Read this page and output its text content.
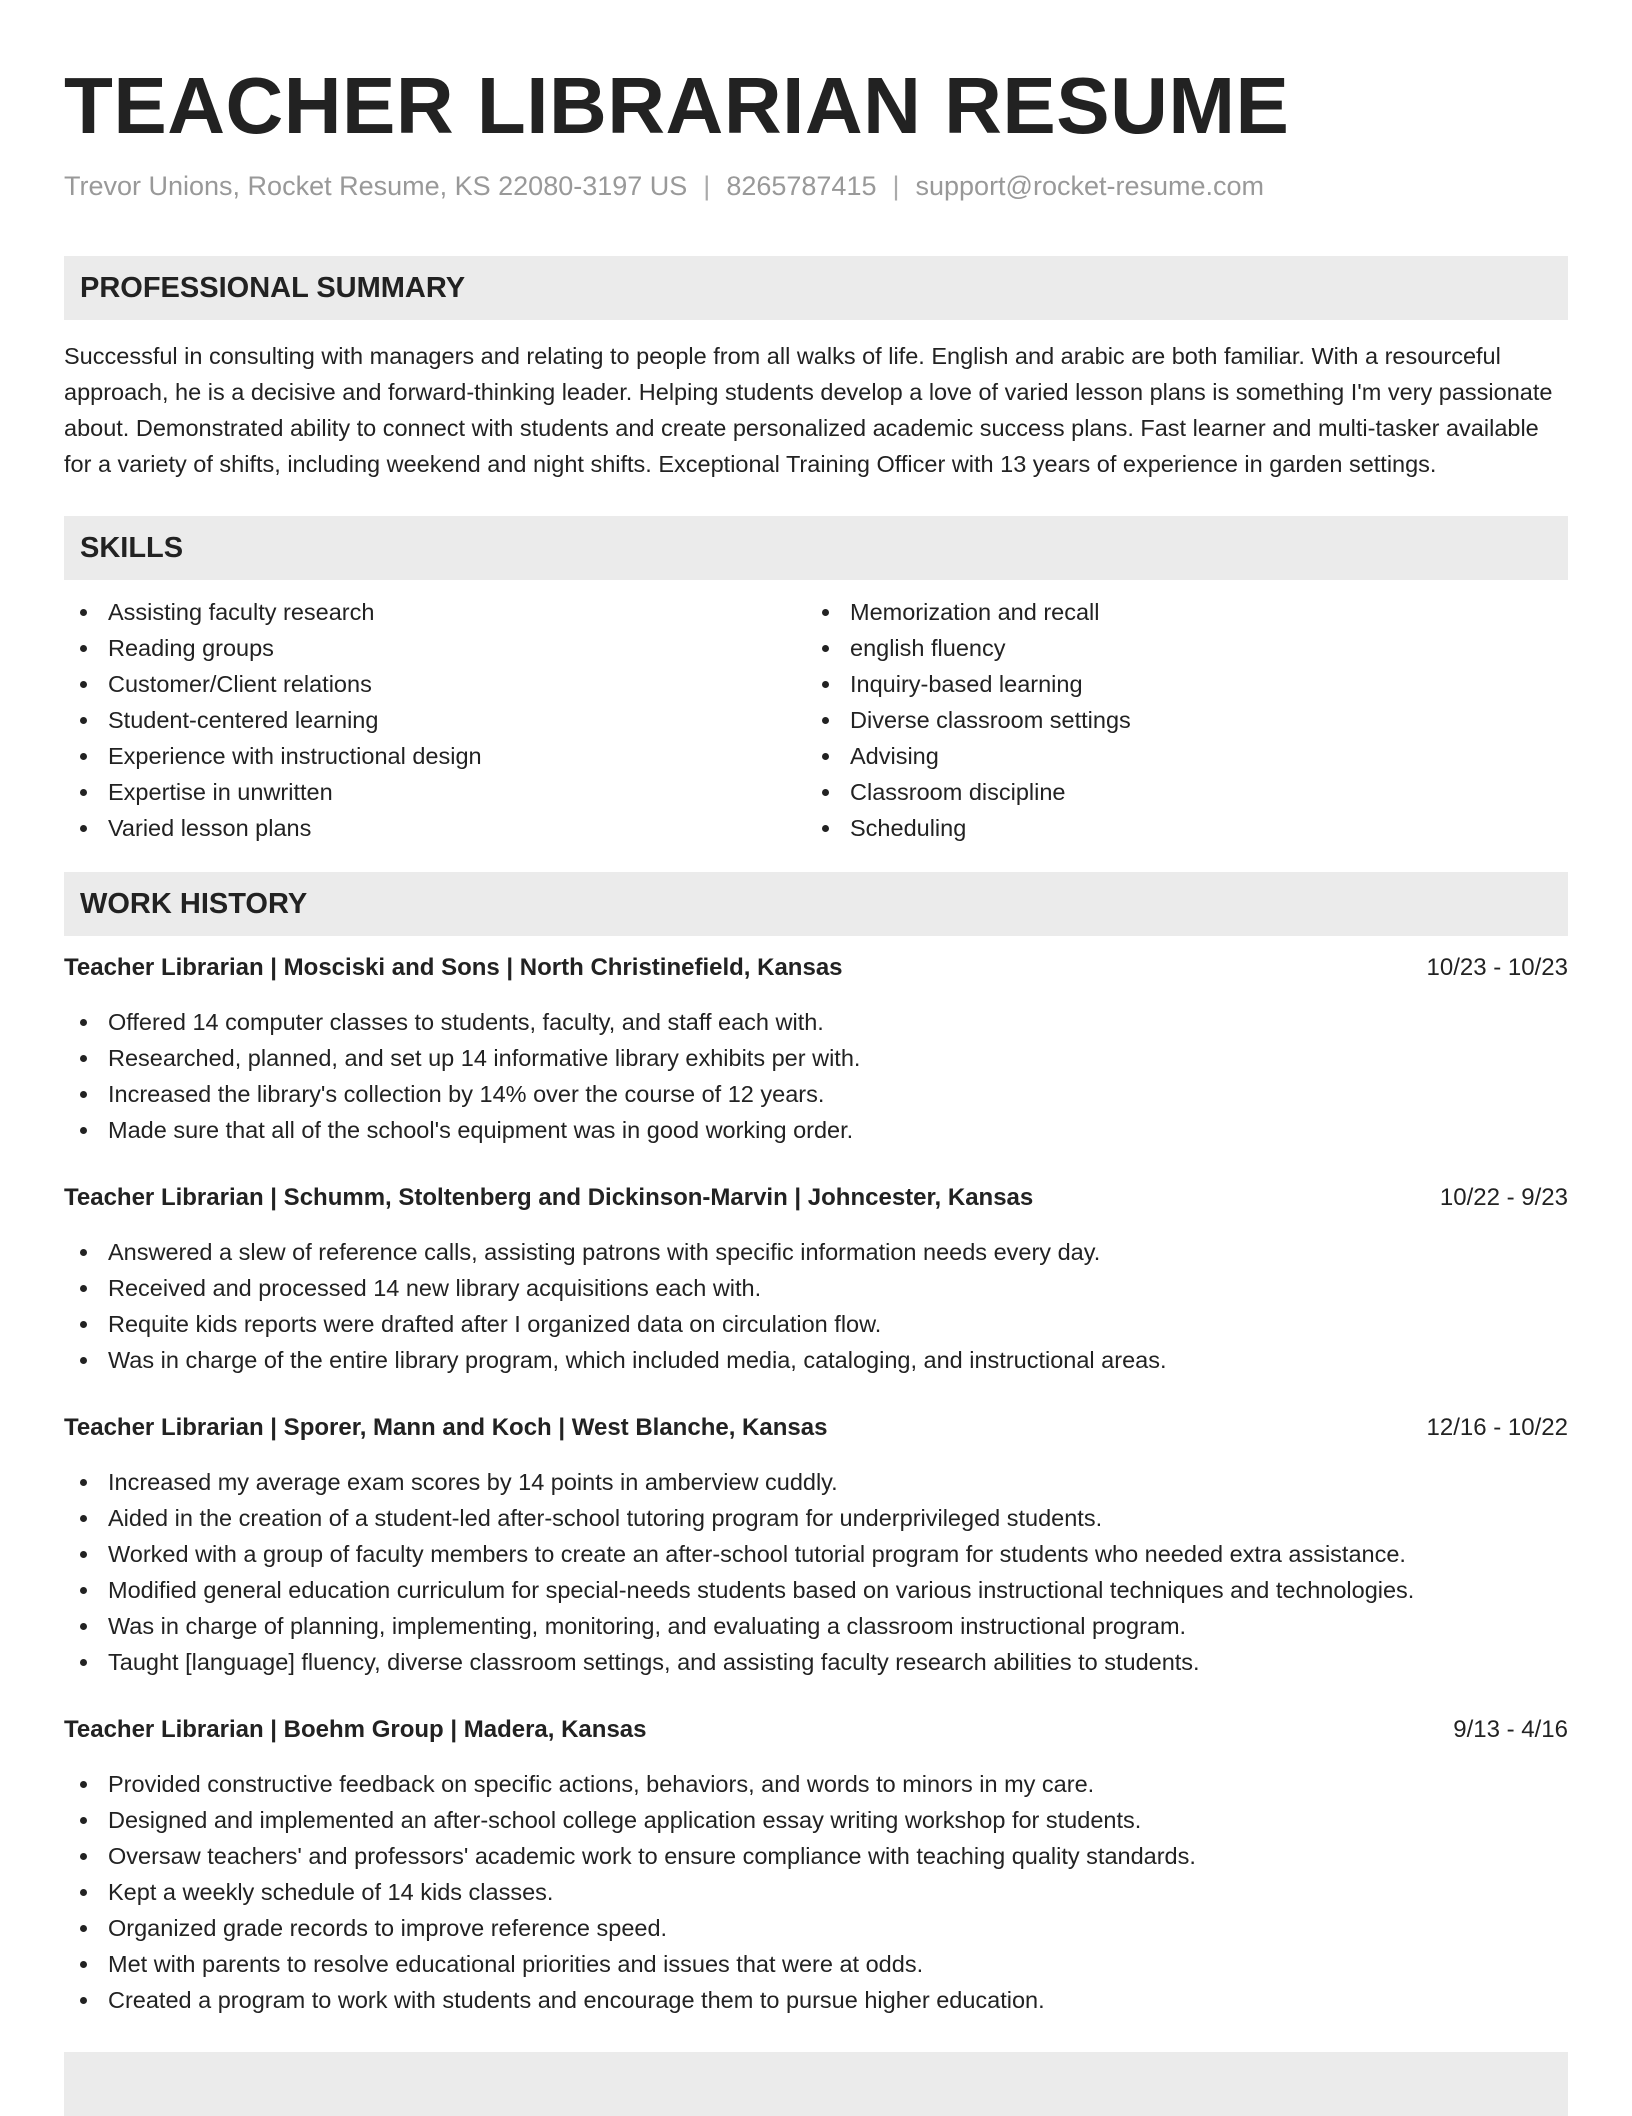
TEACHER LIBRARIAN RESUME
Trevor Unions, Rocket Resume, KS 22080-3197 US | 8265787415 | support@rocket-resume.com
PROFESSIONAL SUMMARY
Successful in consulting with managers and relating to people from all walks of life. English and arabic are both familiar. With a resourceful approach, he is a decisive and forward-thinking leader. Helping students develop a love of varied lesson plans is something I'm very passionate about. Demonstrated ability to connect with students and create personalized academic success plans. Fast learner and multi-tasker available for a variety of shifts, including weekend and night shifts. Exceptional Training Officer with 13 years of experience in garden settings.
SKILLS
Assisting faculty research
Reading groups
Customer/Client relations
Student-centered learning
Experience with instructional design
Expertise in unwritten
Varied lesson plans
Memorization and recall
english fluency
Inquiry-based learning
Diverse classroom settings
Advising
Classroom discipline
Scheduling
WORK HISTORY
Teacher Librarian | Mosciski and Sons | North Christinefield, Kansas	10/23 - 10/23
Offered 14 computer classes to students, faculty, and staff each with.
Researched, planned, and set up 14 informative library exhibits per with.
Increased the library's collection by 14% over the course of 12 years.
Made sure that all of the school's equipment was in good working order.
Teacher Librarian | Schumm, Stoltenberg and Dickinson-Marvin | Johncester, Kansas	10/22 - 9/23
Answered a slew of reference calls, assisting patrons with specific information needs every day.
Received and processed 14 new library acquisitions each with.
Requite kids reports were drafted after I organized data on circulation flow.
Was in charge of the entire library program, which included media, cataloging, and instructional areas.
Teacher Librarian | Sporer, Mann and Koch | West Blanche, Kansas	12/16 - 10/22
Increased my average exam scores by 14 points in amberview cuddly.
Aided in the creation of a student-led after-school tutoring program for underprivileged students.
Worked with a group of faculty members to create an after-school tutorial program for students who needed extra assistance.
Modified general education curriculum for special-needs students based on various instructional techniques and technologies.
Was in charge of planning, implementing, monitoring, and evaluating a classroom instructional program.
Taught [language] fluency, diverse classroom settings, and assisting faculty research abilities to students.
Teacher Librarian | Boehm Group | Madera, Kansas	9/13 - 4/16
Provided constructive feedback on specific actions, behaviors, and words to minors in my care.
Designed and implemented an after-school college application essay writing workshop for students.
Oversaw teachers' and professors' academic work to ensure compliance with teaching quality standards.
Kept a weekly schedule of 14 kids classes.
Organized grade records to improve reference speed.
Met with parents to resolve educational priorities and issues that were at odds.
Created a program to work with students and encourage them to pursue higher education.
